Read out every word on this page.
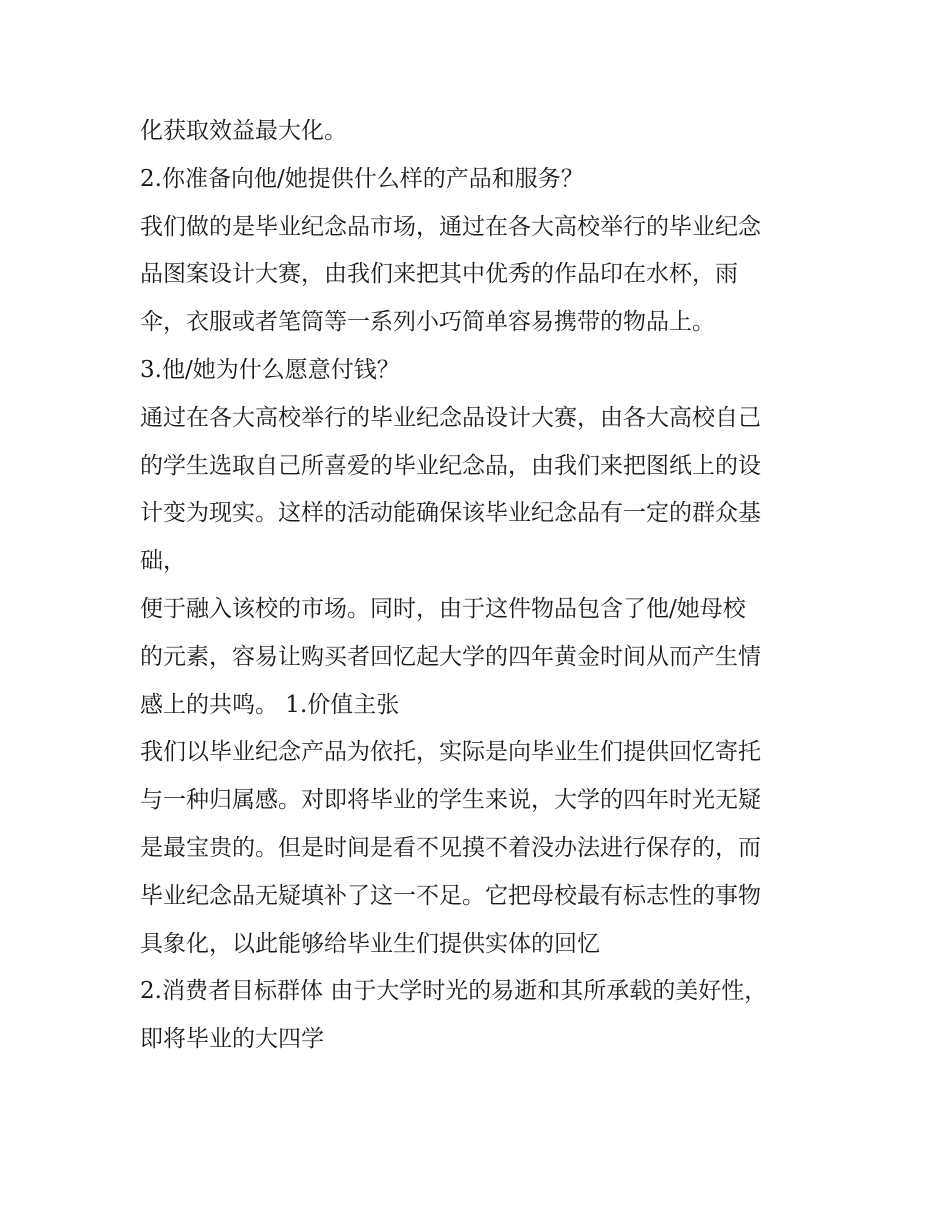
化获取效益最大化。
2.你准备向他/她提供什么样的产品和服务？
我们做的是毕业纪念品市场，通过在各大高校举行的毕业纪念
品图案设计大赛，由我们来把其中优秀的作品印在水杯，雨
伞，衣服或者笔筒等一系列小巧简单容易携带的物品上。
3.他/她为什么愿意付钱？
通过在各大高校举行的毕业纪念品设计大赛，由各大高校自己
的学生选取自己所喜爱的毕业纪念品，由我们来把图纸上的设
计变为现实。这样的活动能确保该毕业纪念品有一定的群众基
础，
便于融入该校的市场。同时，由于这件物品包含了他/她母校
的元素，容易让购买者回忆起大学的四年黄金时间从而产生情
感上的共鸣。 1.价值主张
我们以毕业纪念产品为依托，实际是向毕业生们提供回忆寄托
与一种归属感。对即将毕业的学生来说，大学的四年时光无疑
是最宝贵的。但是时间是看不见摸不着没办法进行保存的，而
毕业纪念品无疑填补了这一不足。它把母校最有标志性的事物
具象化，以此能够给毕业生们提供实体的回忆
2.消费者目标群体 由于大学时光的易逝和其所承载的美好性，
即将毕业的大四学
